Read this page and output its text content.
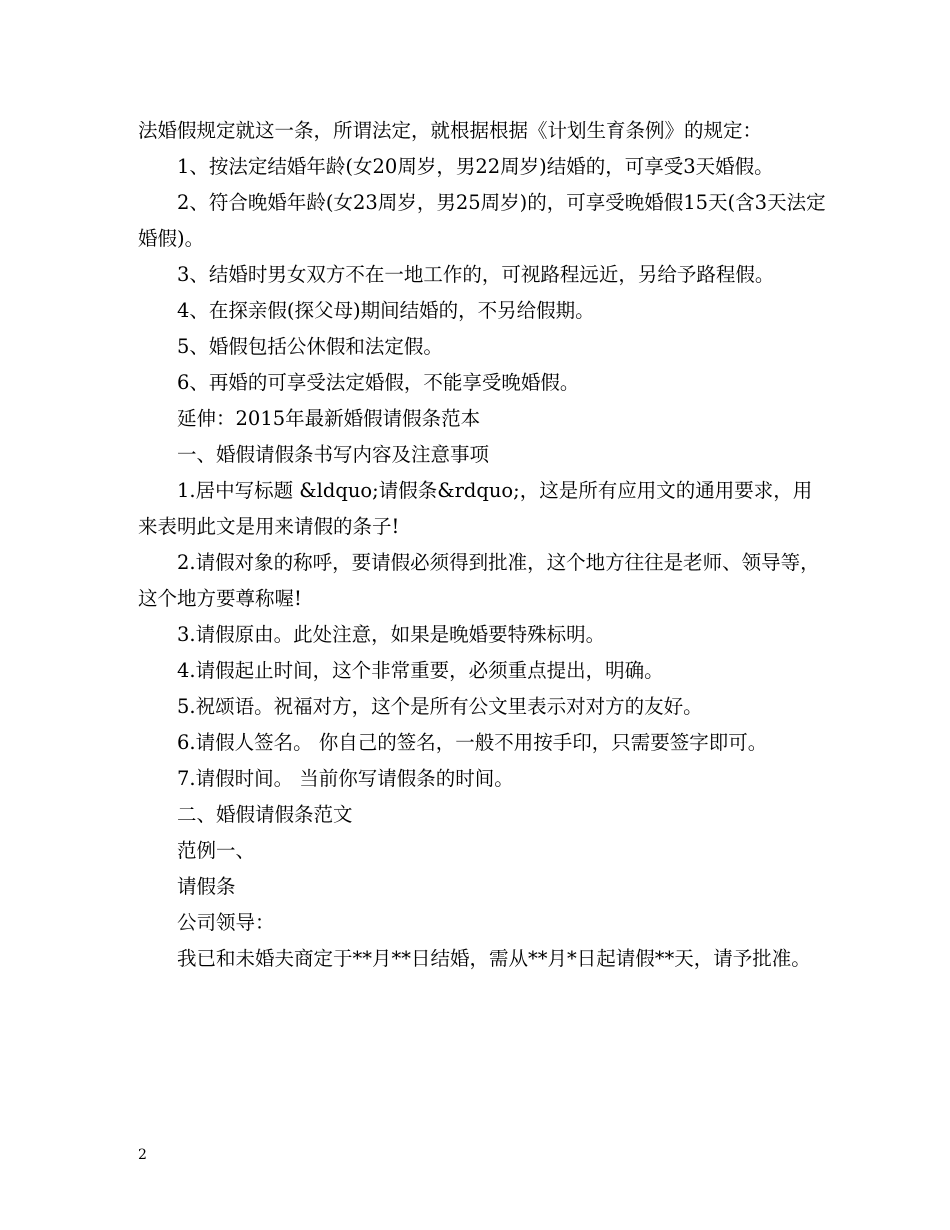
法婚假规定就这一条，所谓法定，就根据根据《计划生育条例》的规定：

1、按法定结婚年龄(女20周岁，男22周岁)结婚的，可享受3天婚假。

2、符合晚婚年龄(女23周岁，男25周岁)的，可享受晚婚假15天(含3天法定婚假)。

3、结婚时男女双方不在一地工作的，可视路程远近，另给予路程假。

4、在探亲假(探父母)期间结婚的，不另给假期。

5、婚假包括公休假和法定假。

6、再婚的可享受法定婚假，不能享受晚婚假。

延伸：2015年最新婚假请假条范本

一、婚假请假条书写内容及注意事项

1.居中写标题 &ldquo;请假条&rdquo;，这是所有应用文的通用要求，用来表明此文是用来请假的条子!

2.请假对象的称呼，要请假必须得到批准，这个地方往往是老师、领导等，这个地方要尊称喔!

3.请假原由。此处注意，如果是晚婚要特殊标明。

4.请假起止时间，这个非常重要，必须重点提出，明确。

5.祝颂语。祝福对方，这个是所有公文里表示对对方的友好。

6.请假人签名。 你自己的签名，一般不用按手印，只需要签字即可。

7.请假时间。 当前你写请假条的时间。

二、婚假请假条范文

范例一、

请假条

公司领导：

我已和未婚夫商定于**月**日结婚，需从**月*日起请假**天，请予批准。

2
